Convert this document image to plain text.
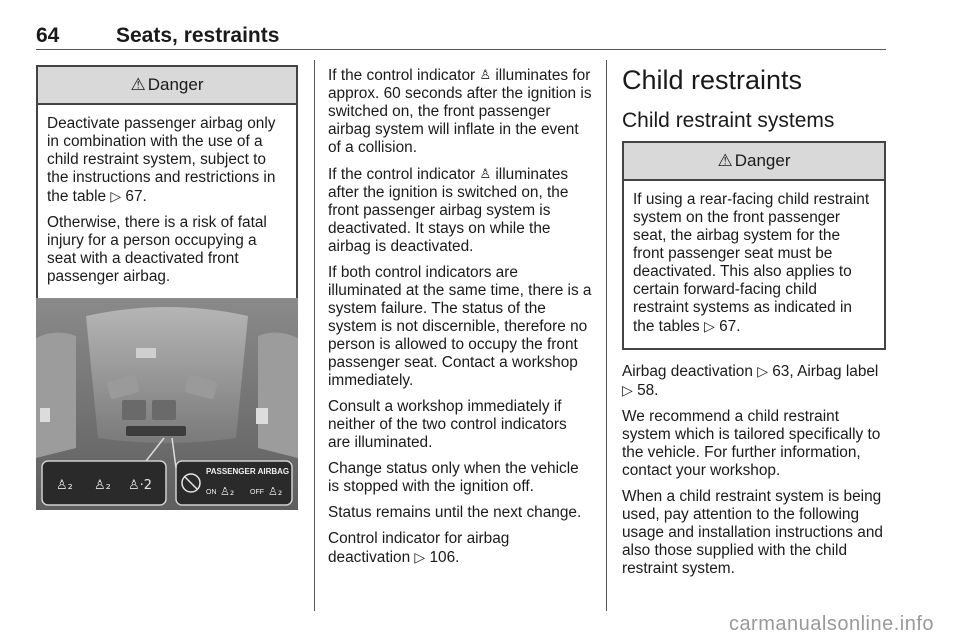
64	Seats, restraints
⚠ Danger

Deactivate passenger airbag only in combination with the use of a child restraint system, subject to the instructions and restrictions in the table ▷ 67.

Otherwise, there is a risk of fatal injury for a person occupying a seat with a deactivated front passenger airbag.

♙₂ ♙₂ ♙·2
PASSENGER AIRBAG
ON ♙₂ OFF ♙₂

If the control indicator ♙ illuminates for approx. 60 seconds after the ignition is switched on, the front passenger airbag system will inflate in the event of a collision.

If the control indicator ♙ illuminates after the ignition is switched on, the front passenger airbag system is deactivated. It stays on while the airbag is deactivated.

If both control indicators are illuminated at the same time, there is a system failure. The status of the system is not discernible, therefore no person is allowed to occupy the front passenger seat. Contact a workshop immediately.

Consult a workshop immediately if neither of the two control indicators are illuminated.

Change status only when the vehicle is stopped with the ignition off.

Status remains until the next change.

Control indicator for airbag deactivation ▷ 106.

Child restraints
Child restraint systems
⚠ Danger

If using a rear-facing child restraint system on the front passenger seat, the airbag system for the front passenger seat must be deactivated. This also applies to certain forward-facing child restraint systems as indicated in the tables ▷ 67.

Airbag deactivation ▷ 63, Airbag label ▷ 58.

We recommend a child restraint system which is tailored specifically to the vehicle. For further information, contact your workshop.

When a child restraint system is being used, pay attention to the following usage and installation instructions and also those supplied with the child restraint system.

carmanualsonline.info
